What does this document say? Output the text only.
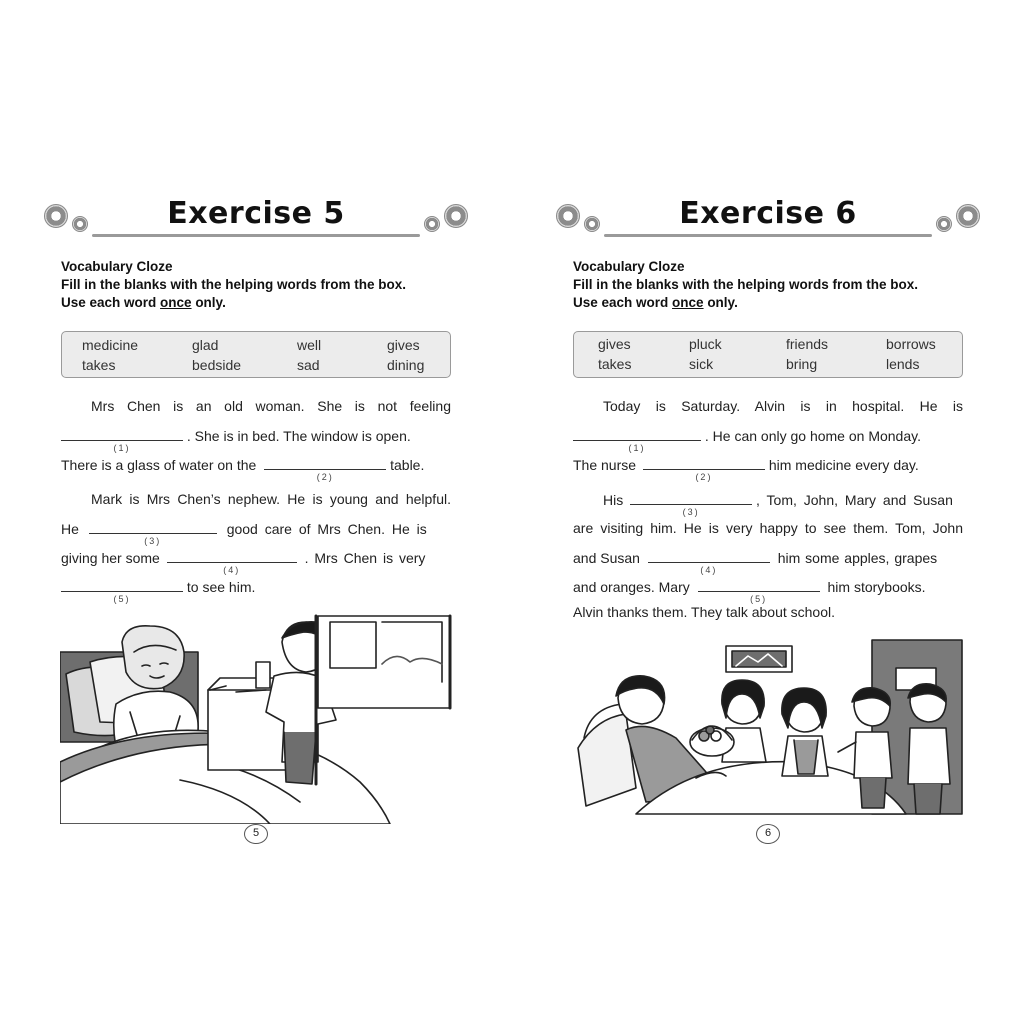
Exercise 5
Vocabulary Cloze
Fill in the blanks with the helping words from the box.
Use each word once only.
medicine	glad	well	gives
takes	bedside	sad	dining
Mrs Chen is an old woman. She is not feeling
(1)
. She is in bed. The window is open.
There is a glass of water on the
(2)
table.
Mark is Mrs Chen’s nephew. He is young and helpful.
He
(3)
good care of Mrs Chen. He is
giving her some
(4)
. Mrs Chen is very
(5)
to see him.
5
Exercise 6
Vocabulary Cloze
Fill in the blanks with the helping words from the box.
Use each word once only.
gives	pluck	friends	borrows
takes	sick	bring	lends
Today is Saturday. Alvin is in hospital. He is
(1)
. He can only go home on Monday.
The nurse
(2)
him medicine every day.
His
(3)
, Tom, John, Mary and Susan
are visiting him. He is very happy to see them. Tom, John
and Susan
(4)
him some apples, grapes
and oranges. Mary
(5)
him storybooks.
Alvin thanks them. They talk about school.
6
